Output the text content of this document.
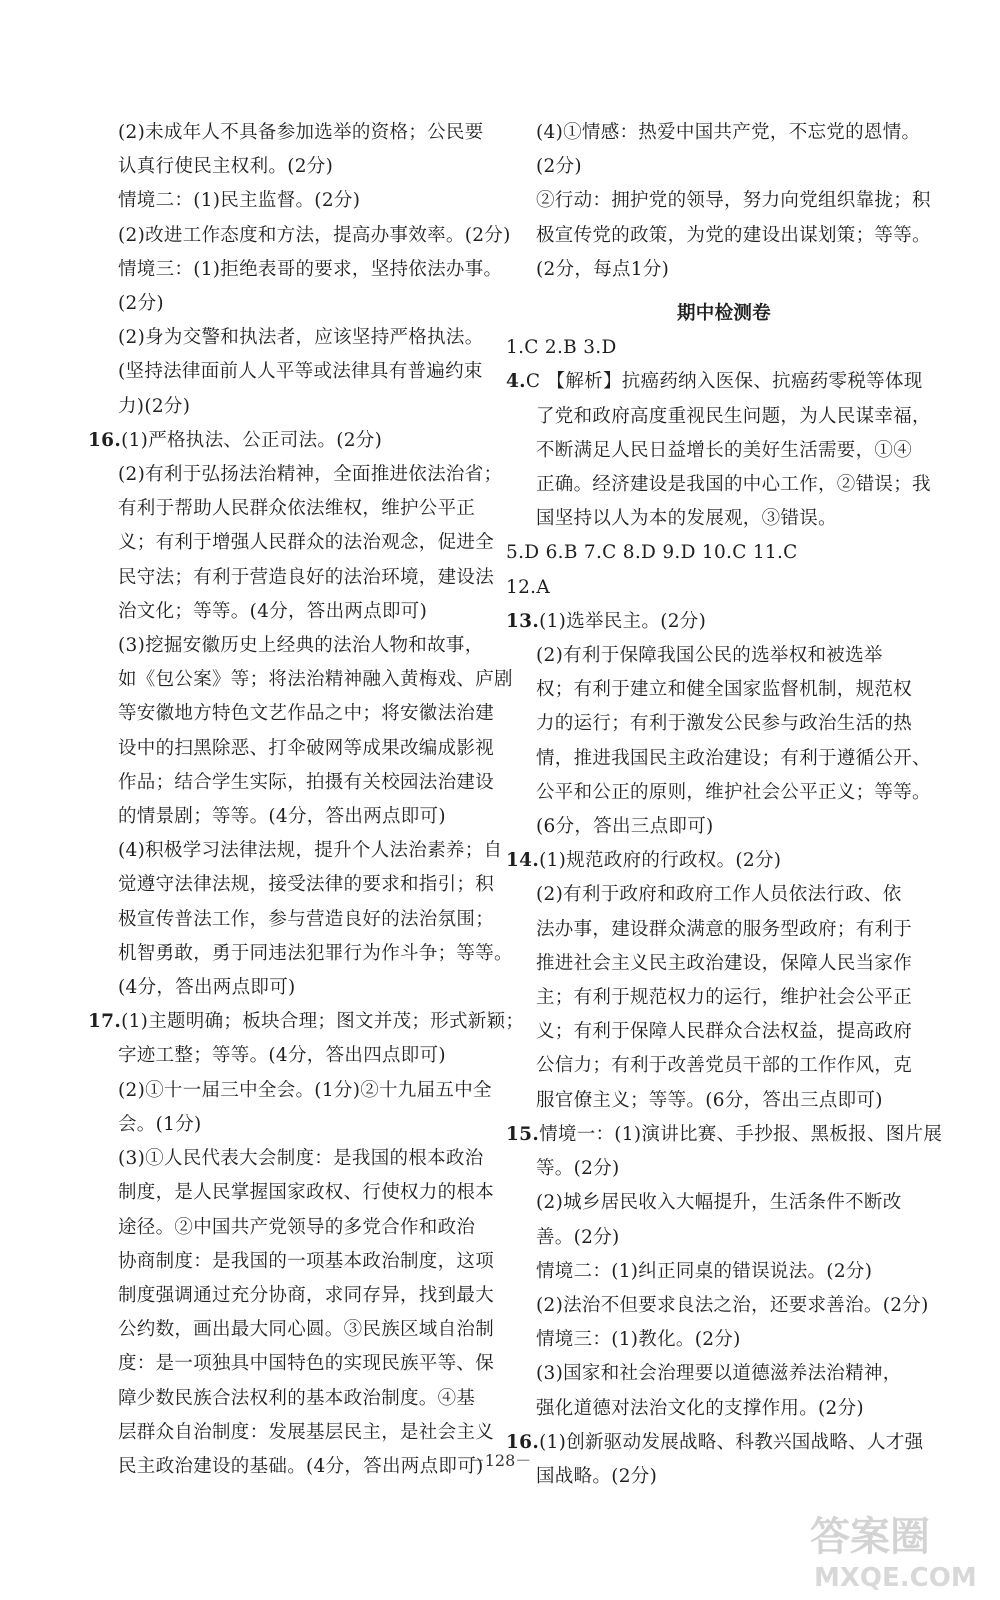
(2)未成年人不具备参加选举的资格；公民要
认真行使民主权利。(2分)
情境二：(1)民主监督。(2分)
(2)改进工作态度和方法，提高办事效率。(2分)
情境三：(1)拒绝表哥的要求，坚持依法办事。
(2分)
(2)身为交警和执法者，应该坚持严格执法。
(坚持法律面前人人平等或法律具有普遍约束
力)(2分)
16.(1)严格执法、公正司法。(2分)
(2)有利于弘扬法治精神，全面推进依法治省；
有利于帮助人民群众依法维权，维护公平正
义；有利于增强人民群众的法治观念，促进全
民守法；有利于营造良好的法治环境，建设法
治文化；等等。(4分，答出两点即可)
(3)挖掘安徽历史上经典的法治人物和故事，
如《包公案》等；将法治精神融入黄梅戏、庐剧
等安徽地方特色文艺作品之中；将安徽法治建
设中的扫黑除恶、打伞破网等成果改编成影视
作品；结合学生实际，拍摄有关校园法治建设
的情景剧；等等。(4分，答出两点即可)
(4)积极学习法律法规，提升个人法治素养；自
觉遵守法律法规，接受法律的要求和指引；积
极宣传普法工作，参与营造良好的法治氛围；
机智勇敢，勇于同违法犯罪行为作斗争；等等。
(4分，答出两点即可)
17.(1)主题明确；板块合理；图文并茂；形式新颖；
字迹工整；等等。(4分，答出四点即可)
(2)①十一届三中全会。(1分)②十九届五中全
会。(1分)
(3)①人民代表大会制度：是我国的根本政治
制度，是人民掌握国家政权、行使权力的根本
途径。②中国共产党领导的多党合作和政治
协商制度：是我国的一项基本政治制度，这项
制度强调通过充分协商，求同存异，找到最大
公约数，画出最大同心圆。③民族区域自治制
度：是一项独具中国特色的实现民族平等、保
障少数民族合法权利的基本政治制度。④基
层群众自治制度：发展基层民主，是社会主义
民主政治建设的基础。(4分，答出两点即可)
(4)①情感：热爱中国共产党，不忘党的恩情。
(2分)
②行动：拥护党的领导，努力向党组织靠拢；积
极宣传党的政策，为党的建设出谋划策；等等。
(2分，每点1分)
期中检测卷
1.C 2.B 3.D
4.C 【解析】抗癌药纳入医保、抗癌药零税等体现
了党和政府高度重视民生问题，为人民谋幸福，
不断满足人民日益增长的美好生活需要，①④
正确。经济建设是我国的中心工作，②错误；我
国坚持以人为本的发展观，③错误。
5.D 6.B 7.C 8.D 9.D 10.C 11.C
12.A
13.(1)选举民主。(2分)
(2)有利于保障我国公民的选举权和被选举
权；有利于建立和健全国家监督机制，规范权
力的运行；有利于激发公民参与政治生活的热
情，推进我国民主政治建设；有利于遵循公开、
公平和公正的原则，维护社会公平正义；等等。
(6分，答出三点即可)
14.(1)规范政府的行政权。(2分)
(2)有利于政府和政府工作人员依法行政、依
法办事，建设群众满意的服务型政府；有利于
推进社会主义民主政治建设，保障人民当家作
主；有利于规范权力的运行，维护社会公平正
义；有利于保障人民群众合法权益，提高政府
公信力；有利于改善党员干部的工作作风，克
服官僚主义；等等。(6分，答出三点即可)
15.情境一：(1)演讲比赛、手抄报、黑板报、图片展
等。(2分)
(2)城乡居民收入大幅提升，生活条件不断改
善。(2分)
情境二：(1)纠正同桌的错误说法。(2分)
(2)法治不但要求良法之治，还要求善治。(2分)
情境三：(1)教化。(2分)
(3)国家和社会治理要以道德滋养法治精神，
强化道德对法治文化的支撑作用。(2分)
16.(1)创新驱动发展战略、科教兴国战略、人才强
国战略。(2分)
－128－
答案圈
MXQE.COM
